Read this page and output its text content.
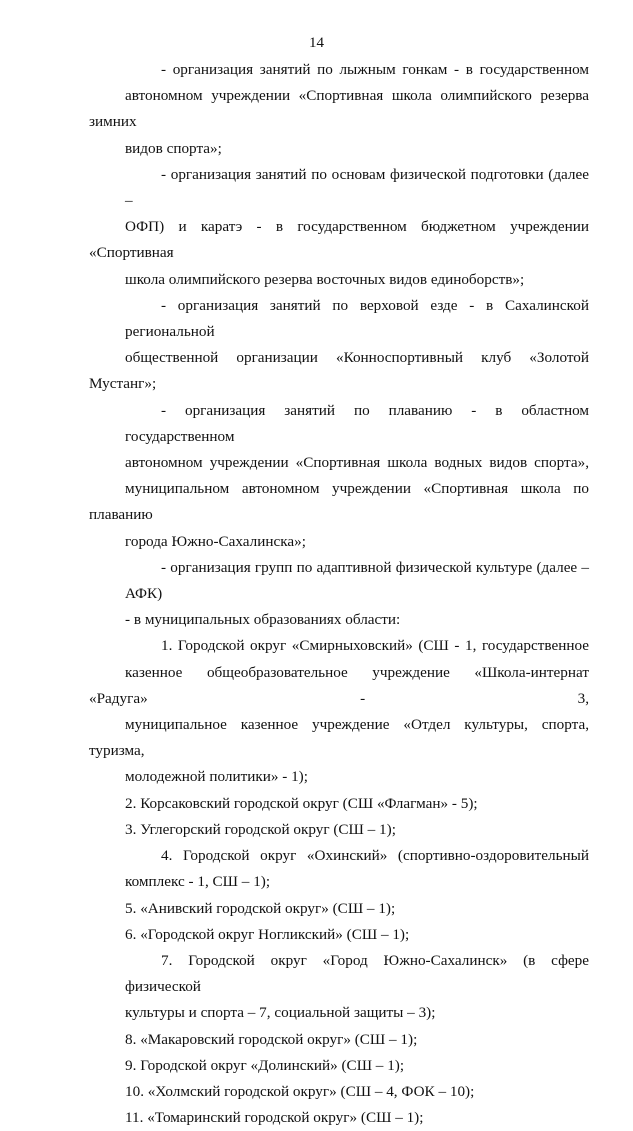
14

- организация занятий по лыжным гонкам - в государственном
автономном учреждении «Спортивная школа олимпийского резерва зимних
видов спорта»;

- организация занятий по основам физической подготовки (далее –
ОФП) и каратэ - в государственном бюджетном учреждении «Спортивная
школа олимпийского резерва восточных видов единоборств»;

- организация занятий по верховой езде - в Сахалинской региональной
общественной организации «Конноспортивный клуб «Золотой Мустанг»;

- организация занятий по плаванию - в областном государственном
автономном учреждении «Спортивная школа водных видов спорта»,
муниципальном автономном учреждении «Спортивная школа по плаванию
города Южно-Сахалинска»;

- организация групп по адаптивной физической культуре (далее – АФК)
- в муниципальных образованиях области:

1. Городской округ «Смирныховский» (СШ - 1, государственное
казенное общеобразовательное учреждение «Школа-интернат «Радуга» - 3,
муниципальное казенное учреждение «Отдел культуры, спорта, туризма,
молодежной политики» - 1);

2. Корсаковский городской округ (СШ «Флагман» - 5);

3. Углегорский городской округ (СШ – 1);

4. Городской округ «Охинский» (спортивно-оздоровительный
комплекс - 1, СШ – 1);

5. «Анивский городской округ» (СШ – 1);

6. «Городской округ Ногликский» (СШ – 1);

7. Городской округ «Город Южно-Сахалинск» (в сфере физической
культуры и спорта – 7, социальной защиты – 3);

8. «Макаровский городской округ» (СШ – 1);

9. Городской округ «Долинский» (СШ – 1);

10. «Холмский городской округ» (СШ – 4, ФОК – 10);

11. «Томаринский городской округ» (СШ – 1);
